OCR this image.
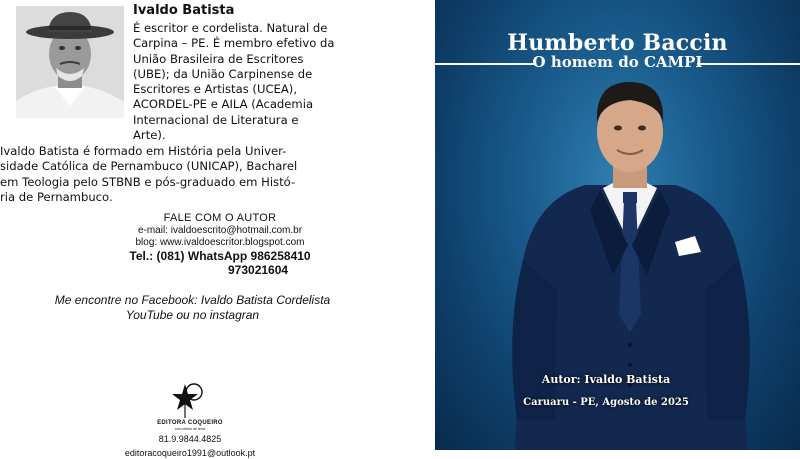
Ivaldo Batista
É escritor e cordelista. Natural de
Carpina – PE. É membro efetivo da
União Brasileira de Escritores
(UBE); da União Carpinense de
Escritores e Artistas (UCEA),
ACORDEL-PE e AILA (Academia
Internacional de Literatura e
Arte).
Ivaldo Batista é formado em História pela Univer-
sidade Católica de Pernambuco (UNICAP), Bacharel
em Teologia pelo STBNB e pós-graduado em Histó-
ria de Pernambuco.
FALE COM O AUTOR
e-mail: ivaldoescrito@hotmail.com.br
blog: www.ivaldoescritor.blogspot.com
Tel.: (081) WhatsApp 986258410
973021604
Me encontre no Facebook: Ivaldo Batista Cordelista
YouTube ou no instagran
EDITORA COQUEIRO
com cheiro de terra
81.9.9844.4825
editoracoqueiro1991@outlook.pt
Humberto Baccin
O homem do CAMPI
Autor: Ivaldo Batista
Caruaru - PE, Agosto de 2025
